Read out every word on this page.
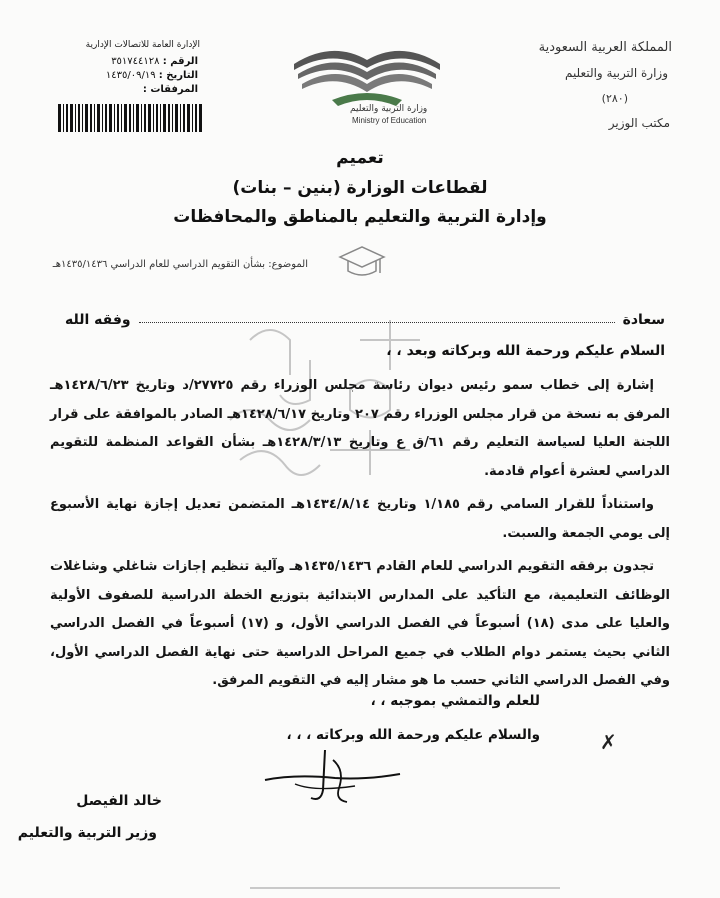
المملكة العربية السعودية
وزارة التربية والتعليم
(٢٨٠)
مكتب الوزير
وزارة التربية والتعليم
Ministry of Education
الإدارة العامة للاتصالات الإدارية
الرقم : ٣٥١٧٤٤١٢٨
التاريخ : ١٤٣٥/٠٩/١٩
المرفقات :
تعميم
لقطاعات الوزارة (بنين – بنات)
وإدارة التربية والتعليم بالمناطق والمحافظات
الموضوع: بشأن التقويم الدراسي للعام الدراسي ١٤٣٥/١٤٣٦هـ
سعادة
وفقه الله
السلام عليكم ورحمة الله وبركاته وبعد ، ،

إشارة إلى خطاب سمو رئيس ديوان رئاسة مجلس الوزراء رقم ٢٧٧٢٥/د وتاريخ ١٤٢٨/٦/٢٣هـ المرفق به نسخة من قرار مجلس الوزراء رقم ٢٠٧ وتاريخ ١٤٢٨/٦/١٧هـ الصادر بالموافقة على قرار اللجنة العليا لسياسة التعليم رقم ٦١/ق ع وتاريخ ١٤٢٨/٣/١٣هـ بشأن القواعد المنظمة للتقويم الدراسي لعشرة أعوام قادمة.

واستناداً للقرار السامي رقم ١/١٨٥ وتاريخ ١٤٣٤/٨/١٤هـ المتضمن تعديل إجازة نهاية الأسبوع إلى يومي الجمعة والسبت.

تجدون برفقه التقويم الدراسي للعام القادم ١٤٣٥/١٤٣٦هـ وآلية تنظيم إجازات شاغلي وشاغلات الوظائف التعليمية، مع التأكيد على المدارس الابتدائية بتوزيع الخطة الدراسية للصفوف الأولية والعليا على مدى (١٨) أسبوعاً في الفصل الدراسي الأول، و (١٧) أسبوعاً في الفصل الدراسي الثاني بحيث يستمر دوام الطلاب في جميع المراحل الدراسية حتى نهاية الفصل الدراسي الأول، وفي الفصل الدراسي الثاني حسب ما هو مشار إليه في التقويم المرفق.

للعلم والتمشي بموجبه ، ،
والسلام عليكم ورحمة الله وبركاته ، ، ،	✗
خالد الفيصل
وزير التربية والتعليم
